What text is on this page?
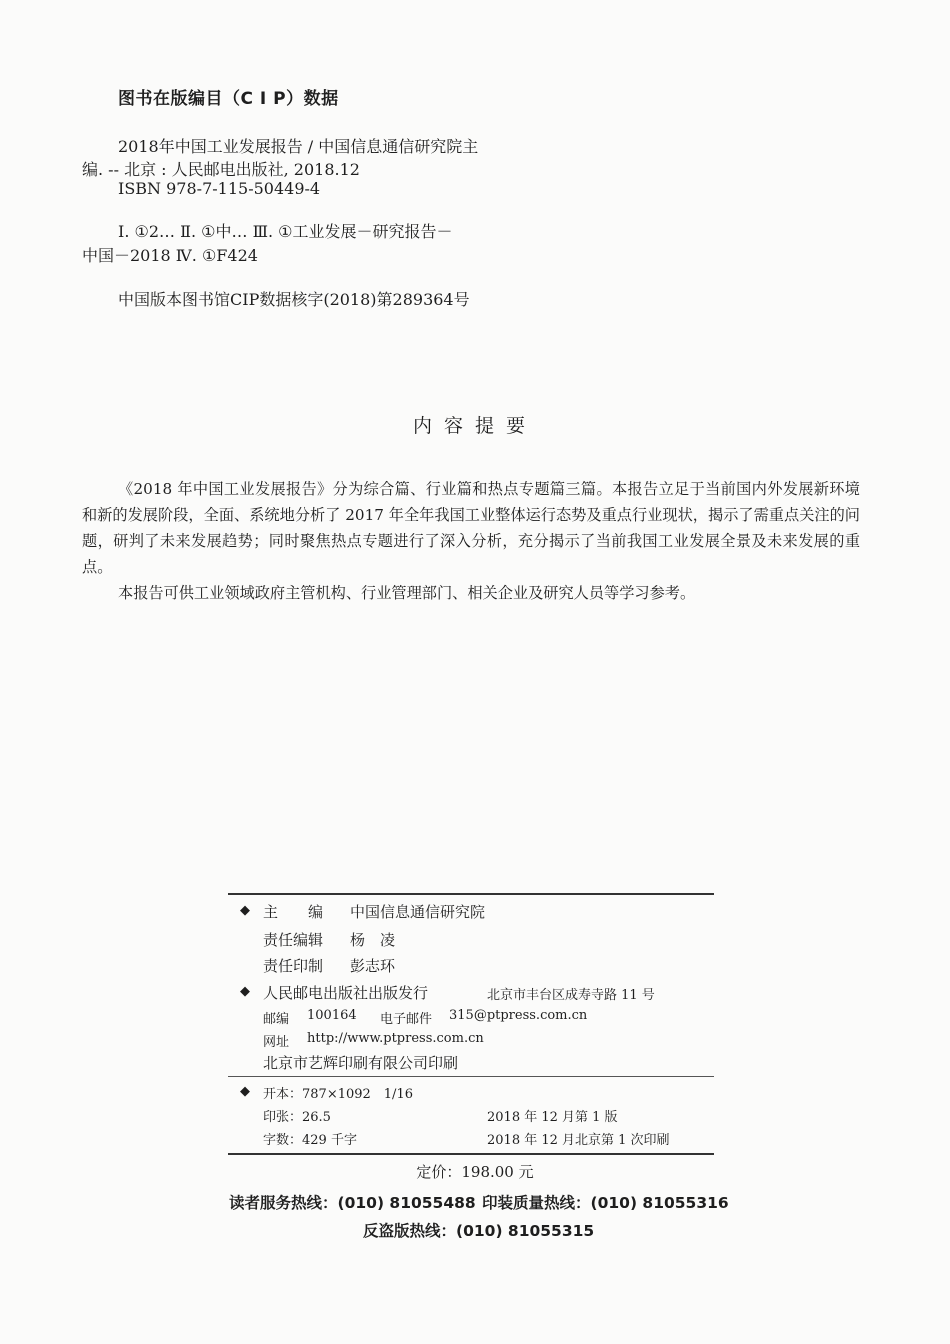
图书在版编目（C I P）数据
2018年中国工业发展报告 / 中国信息通信研究院主
编. -- 北京 : 人民邮电出版社, 2018.12
ISBN 978-7-115-50449-4
Ⅰ. ①2… Ⅱ. ①中… Ⅲ. ①工业发展－研究报告－
中国－2018 Ⅳ. ①F424
中国版本图书馆CIP数据核字(2018)第289364号
内容提要
《2018 年中国工业发展报告》分为综合篇、行业篇和热点专题篇三篇。本报告立足于当前国内外发展新环境和新的发展阶段，全面、系统地分析了 2017 年全年我国工业整体运行态势及重点行业现状，揭示了需重点关注的问题，研判了未来发展趋势；同时聚焦热点专题进行了深入分析，充分揭示了当前我国工业发展全景及未来发展的重点。
本报告可供工业领域政府主管机构、行业管理部门、相关企业及研究人员等学习参考。
◆ 主　　编 中国信息通信研究院
责任编辑 杨　凌
责任印制 彭志环
◆ 人民邮电出版社出版发行	北京市丰台区成寿寺路 11 号
邮编 100164 电子邮件 315@ptpress.com.cn
网址 http://www.ptpress.com.cn
北京市艺辉印刷有限公司印刷
◆ 开本：787×1092　1/16
印张：26.5	2018 年 12 月第 1 版
字数：429 千字	2018 年 12 月北京第 1 次印刷
定价：198.00 元
读者服务热线：(010) 81055488 印装质量热线：(010) 81055316
反盗版热线：(010) 81055315
